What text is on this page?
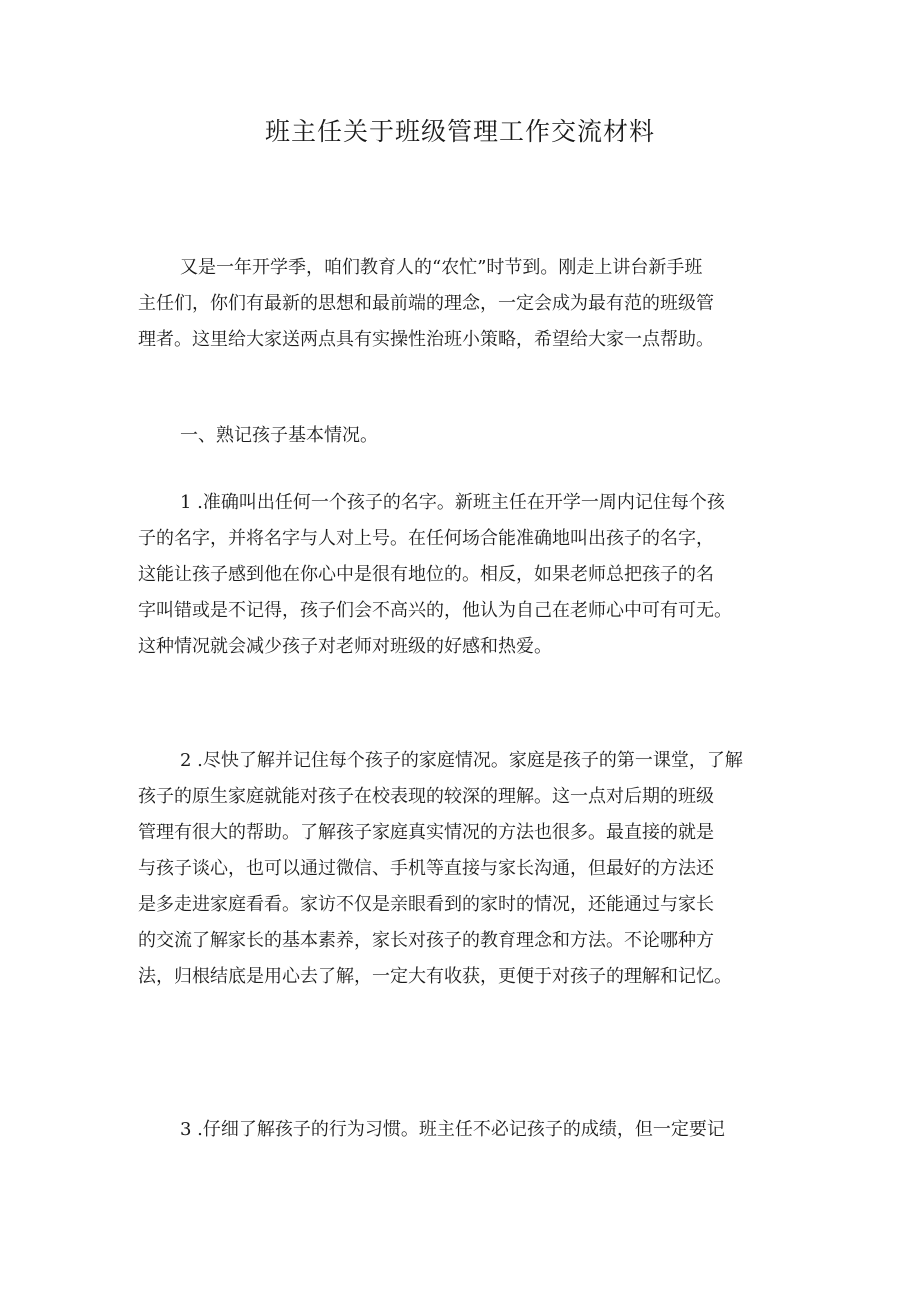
班主任关于班级管理工作交流材料

又是一年开学季，咱们教育人的“农忙”时节到。刚走上讲台新手班
主任们，你们有最新的思想和最前端的理念，一定会成为最有范的班级管
理者。这里给大家送两点具有实操性治班小策略，希望给大家一点帮助。

一、熟记孩子基本情况。

1 .准确叫出任何一个孩子的名字。新班主任在开学一周内记住每个孩
子的名字，并将名字与人对上号。在任何场合能准确地叫出孩子的名字，
这能让孩子感到他在你心中是很有地位的。相反，如果老师总把孩子的名
字叫错或是不记得，孩子们会不高兴的，他认为自己在老师心中可有可无。
这种情况就会减少孩子对老师对班级的好感和热爱。

2 .尽快了解并记住每个孩子的家庭情况。家庭是孩子的第一课堂，了解
孩子的原生家庭就能对孩子在校表现的较深的理解。这一点对后期的班级
管理有很大的帮助。了解孩子家庭真实情况的方法也很多。最直接的就是
与孩子谈心，也可以通过微信、手机等直接与家长沟通，但最好的方法还
是多走进家庭看看。家访不仅是亲眼看到的家时的情况，还能通过与家长
的交流了解家长的基本素养，家长对孩子的教育理念和方法。不论哪种方
法，归根结底是用心去了解，一定大有收获，更便于对孩子的理解和记忆。

3 .仔细了解孩子的行为习惯。班主任不必记孩子的成绩，但一定要记
